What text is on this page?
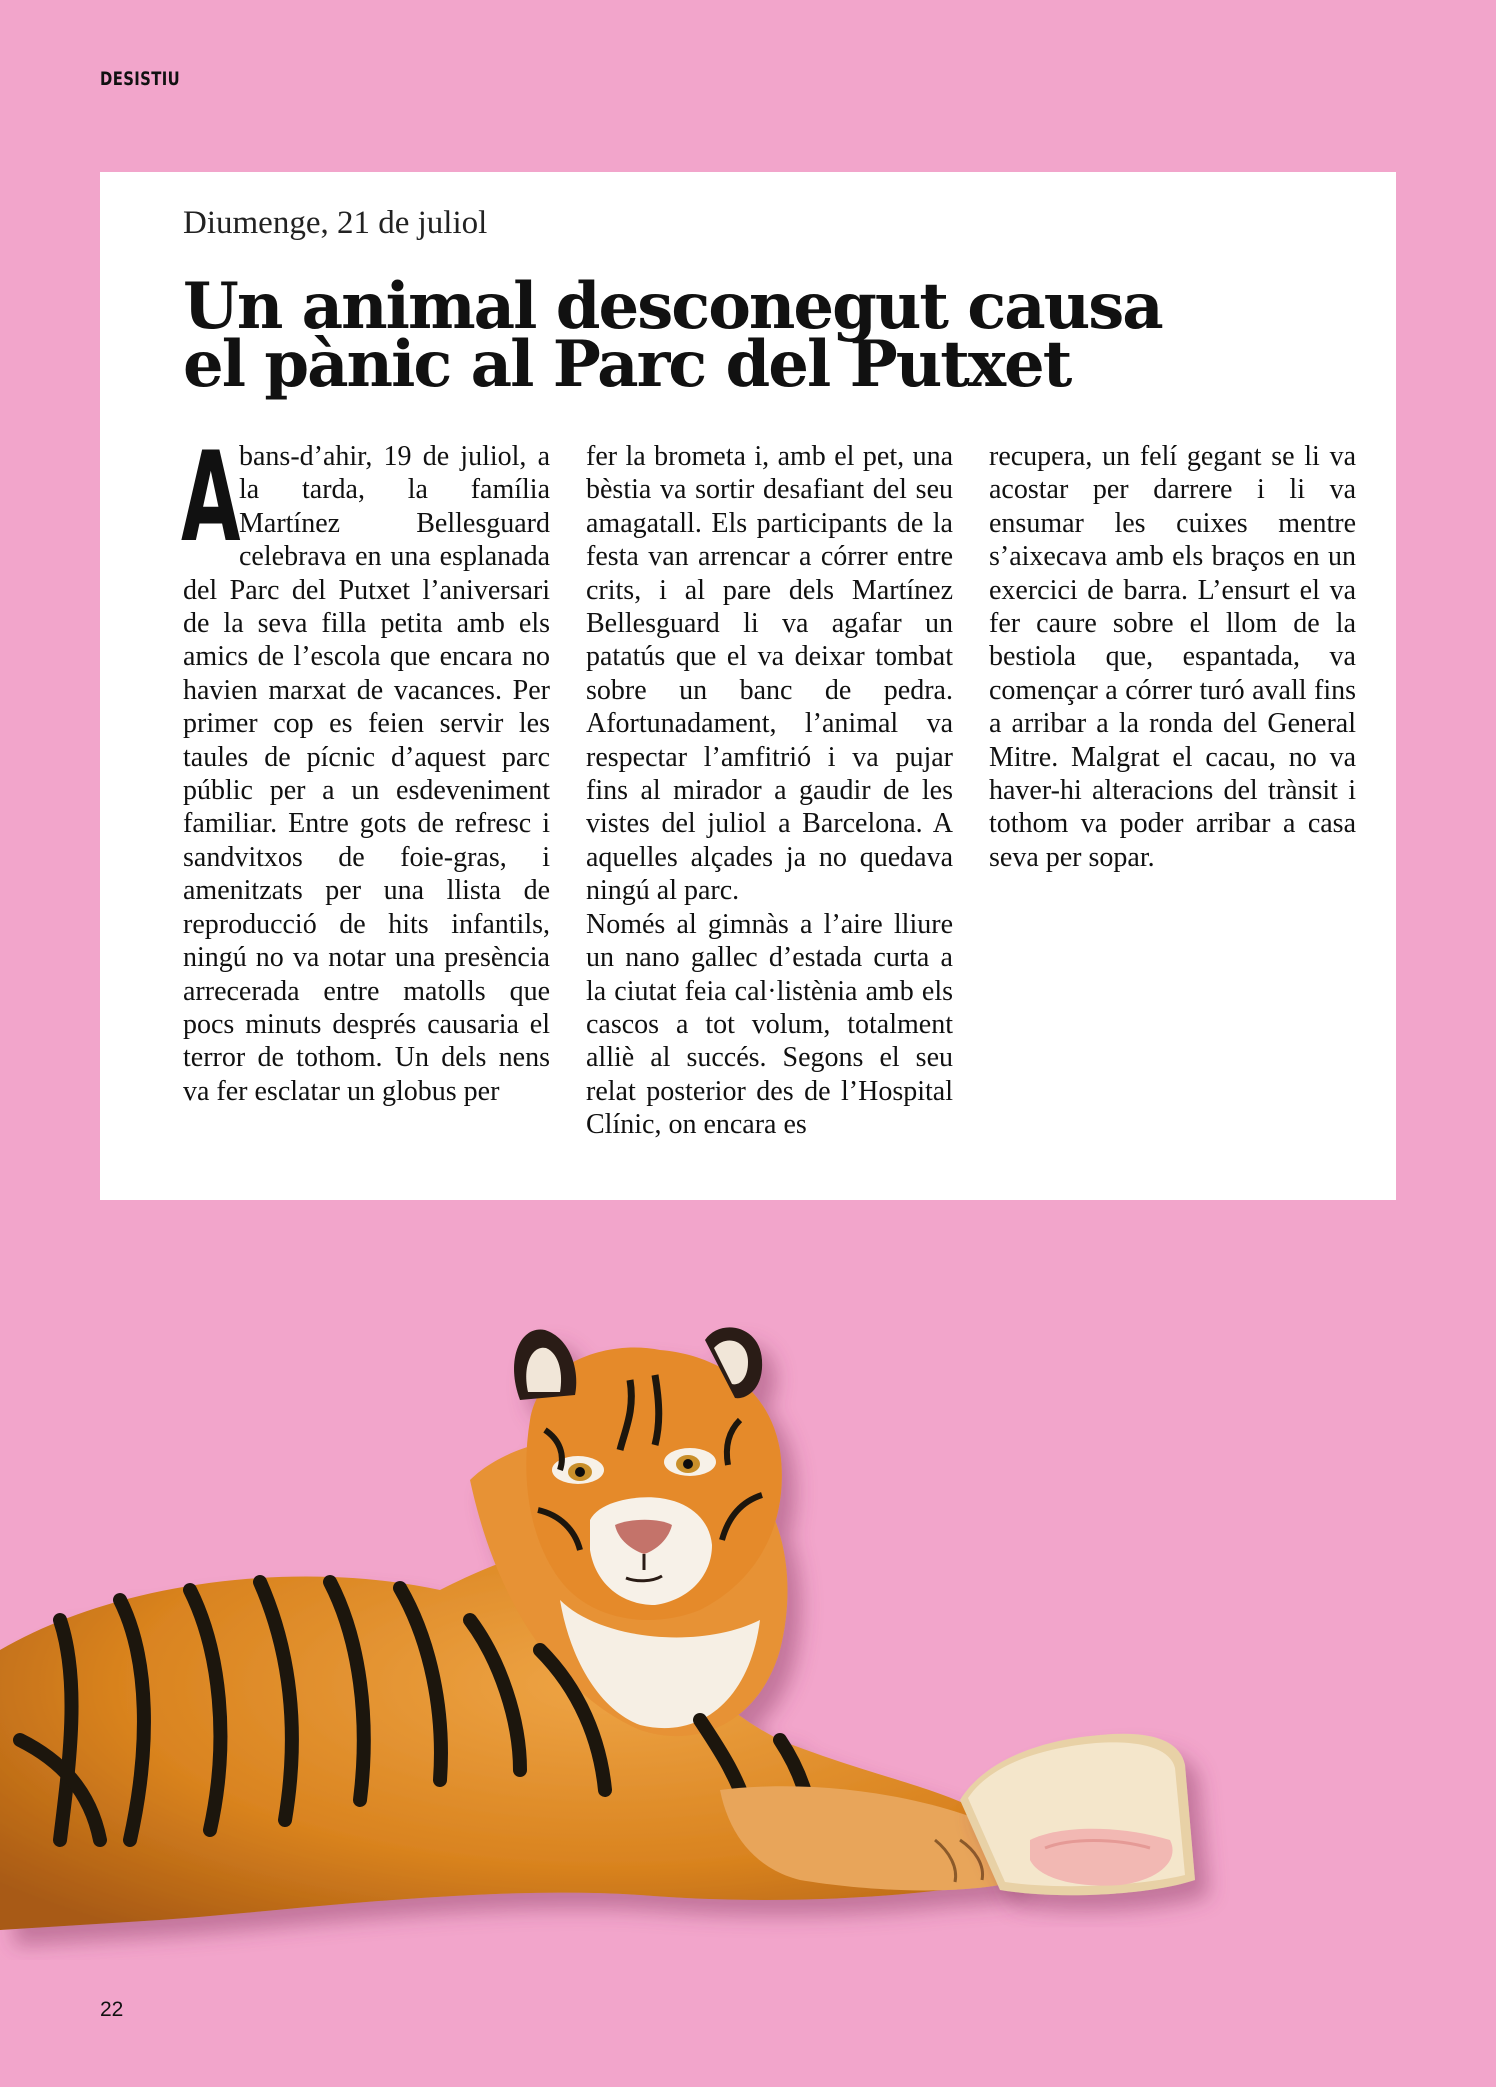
DESISTIU
Diumenge, 21 de juliol
Un animal desconegut causa
el pànic al Parc del Putxet

A
bans-d’ahir, 19 de juliol, a la tarda, la família Martínez Bellesguard celebrava en una esplanada del Parc del Putxet l’aniversari de la seva filla petita amb els amics de l’escola que encara no havien marxat de vacances. Per primer cop es feien servir les taules de pícnic d’aquest parc públic per a un esdeveniment familiar. Entre gots de refresc i sandvitxos de foie-gras, i amenitzats per una llista de reproducció de hits infantils, ningú no va notar una presència arrecerada entre matolls que pocs minuts després causaria el terror de tothom. Un dels nens va fer esclatar un globus per

fer la brometa i, amb el pet, una bèstia va sortir desafiant del seu amagatall. Els participants de la festa van arrencar a córrer entre crits, i al pare dels Martínez Bellesguard li va agafar un patatús que el va deixar tombat sobre un banc de pedra. Afortunadament, l’animal va respectar l’amfitrió i va pujar fins al mirador a gaudir de les vistes del juliol a Barcelona. A aquelles alçades ja no quedava ningú al parc.

Només al gimnàs a l’aire lliure un nano gallec d’estada curta a la ciutat feia cal·listènia amb els cascos a tot volum, totalment alliè al succés. Segons el seu relat posterior des de l’Hospital Clínic, on encara es

recupera, un felí gegant se li va acostar per darrere i li va ensumar les cuixes mentre s’aixecava amb els braços en un exercici de barra. L’ensurt el va fer caure sobre el llom de la bestiola que, espantada, va començar a córrer turó avall fins a arribar a la ronda del General Mitre. Malgrat el cacau, no va haver-hi alteracions del trànsit i tothom va poder arribar a casa seva per sopar.

22
